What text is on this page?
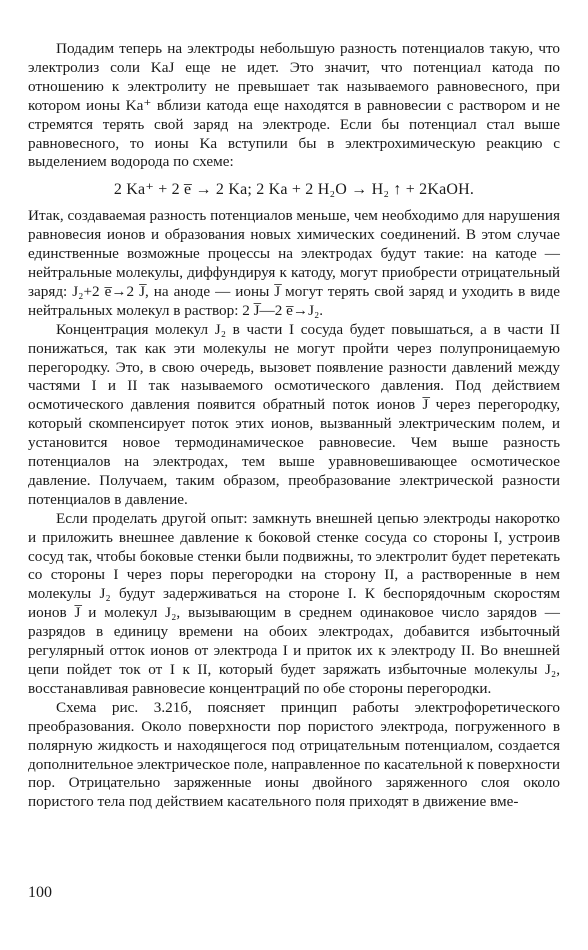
Подадим теперь на электроды небольшую разность потенциалов такую, что электролиз соли KaJ еще не идет. Это значит, что потенциал катода по отношению к электролиту не превышает так называемого равновесного, при котором ионы Ka⁺ вблизи катода еще находятся в равновесии с раствором и не стремятся терять свой заряд на электроде. Если бы потенциал стал выше равновесного, то ионы Ka вступили бы в электрохимическую реакцию с выделением водорода по схеме:

2 Ka⁺ + 2 e̅ → 2 Ka; 2 Ka + 2 H₂O → H₂ ↑ + 2KaOH.

Итак, создаваемая разность потенциалов меньше, чем необходимо для нарушения равновесия ионов и образования новых химических соединений. В этом случае единственные возможные процессы на электродах будут такие: на катоде — нейтральные молекулы, диффундируя к катоду, могут приобрести отрицательный заряд: J₂+2 e̅→2 J̅, на аноде — ионы J̅ могут терять свой заряд и уходить в виде нейтральных молекул в раствор: 2 J̅—2 e̅→J₂.

Концентрация молекул J₂ в части I сосуда будет повышаться, а в части II понижаться, так как эти молекулы не могут пройти через полупроницаемую перегородку. Это, в свою очередь, вызовет появление разности давлений между частями I и II так называемого осмотического давления. Под действием осмотического давления появится обратный поток ионов J̅ через перегородку, который скомпенсирует поток этих ионов, вызванный электрическим полем, и установится новое термодинамическое равновесие. Чем выше разность потенциалов на электродах, тем выше уравновешивающее осмотическое давление. Получаем, таким образом, преобразование электрической разности потенциалов в давление.

Если проделать другой опыт: замкнуть внешней цепью электроды накоротко и приложить внешнее давление к боковой стенке сосуда со стороны I, устроив сосуд так, чтобы боковые стенки были подвижны, то электролит будет перетекать со стороны I через поры перегородки на сторону II, а растворенные в нем молекулы J₂ будут задерживаться на стороне I. К беспорядочным скоростям ионов J̅ и молекул J₂, вызывающим в среднем одинаковое число зарядов — разрядов в единицу времени на обоих электродах, добавится избыточный регулярный отток ионов от электрода I и приток их к электроду II. Во внешней цепи пойдет ток от I к II, который будет заряжать избыточные молекулы J₂, восстанавливая равновесие концентраций по обе стороны перегородки.

Схема рис. 3.21б, поясняет принцип работы электрофоретического преобразования. Около поверхности пор пористого электрода, погруженного в полярную жидкость и находящегося под отрицательным потенциалом, создается дополнительное электрическое поле, направленное по касательной к поверхности пор. Отрицательно заряженные ионы двойного заряженного слоя около пористого тела под действием касательного поля приходят в движение вме-

100
